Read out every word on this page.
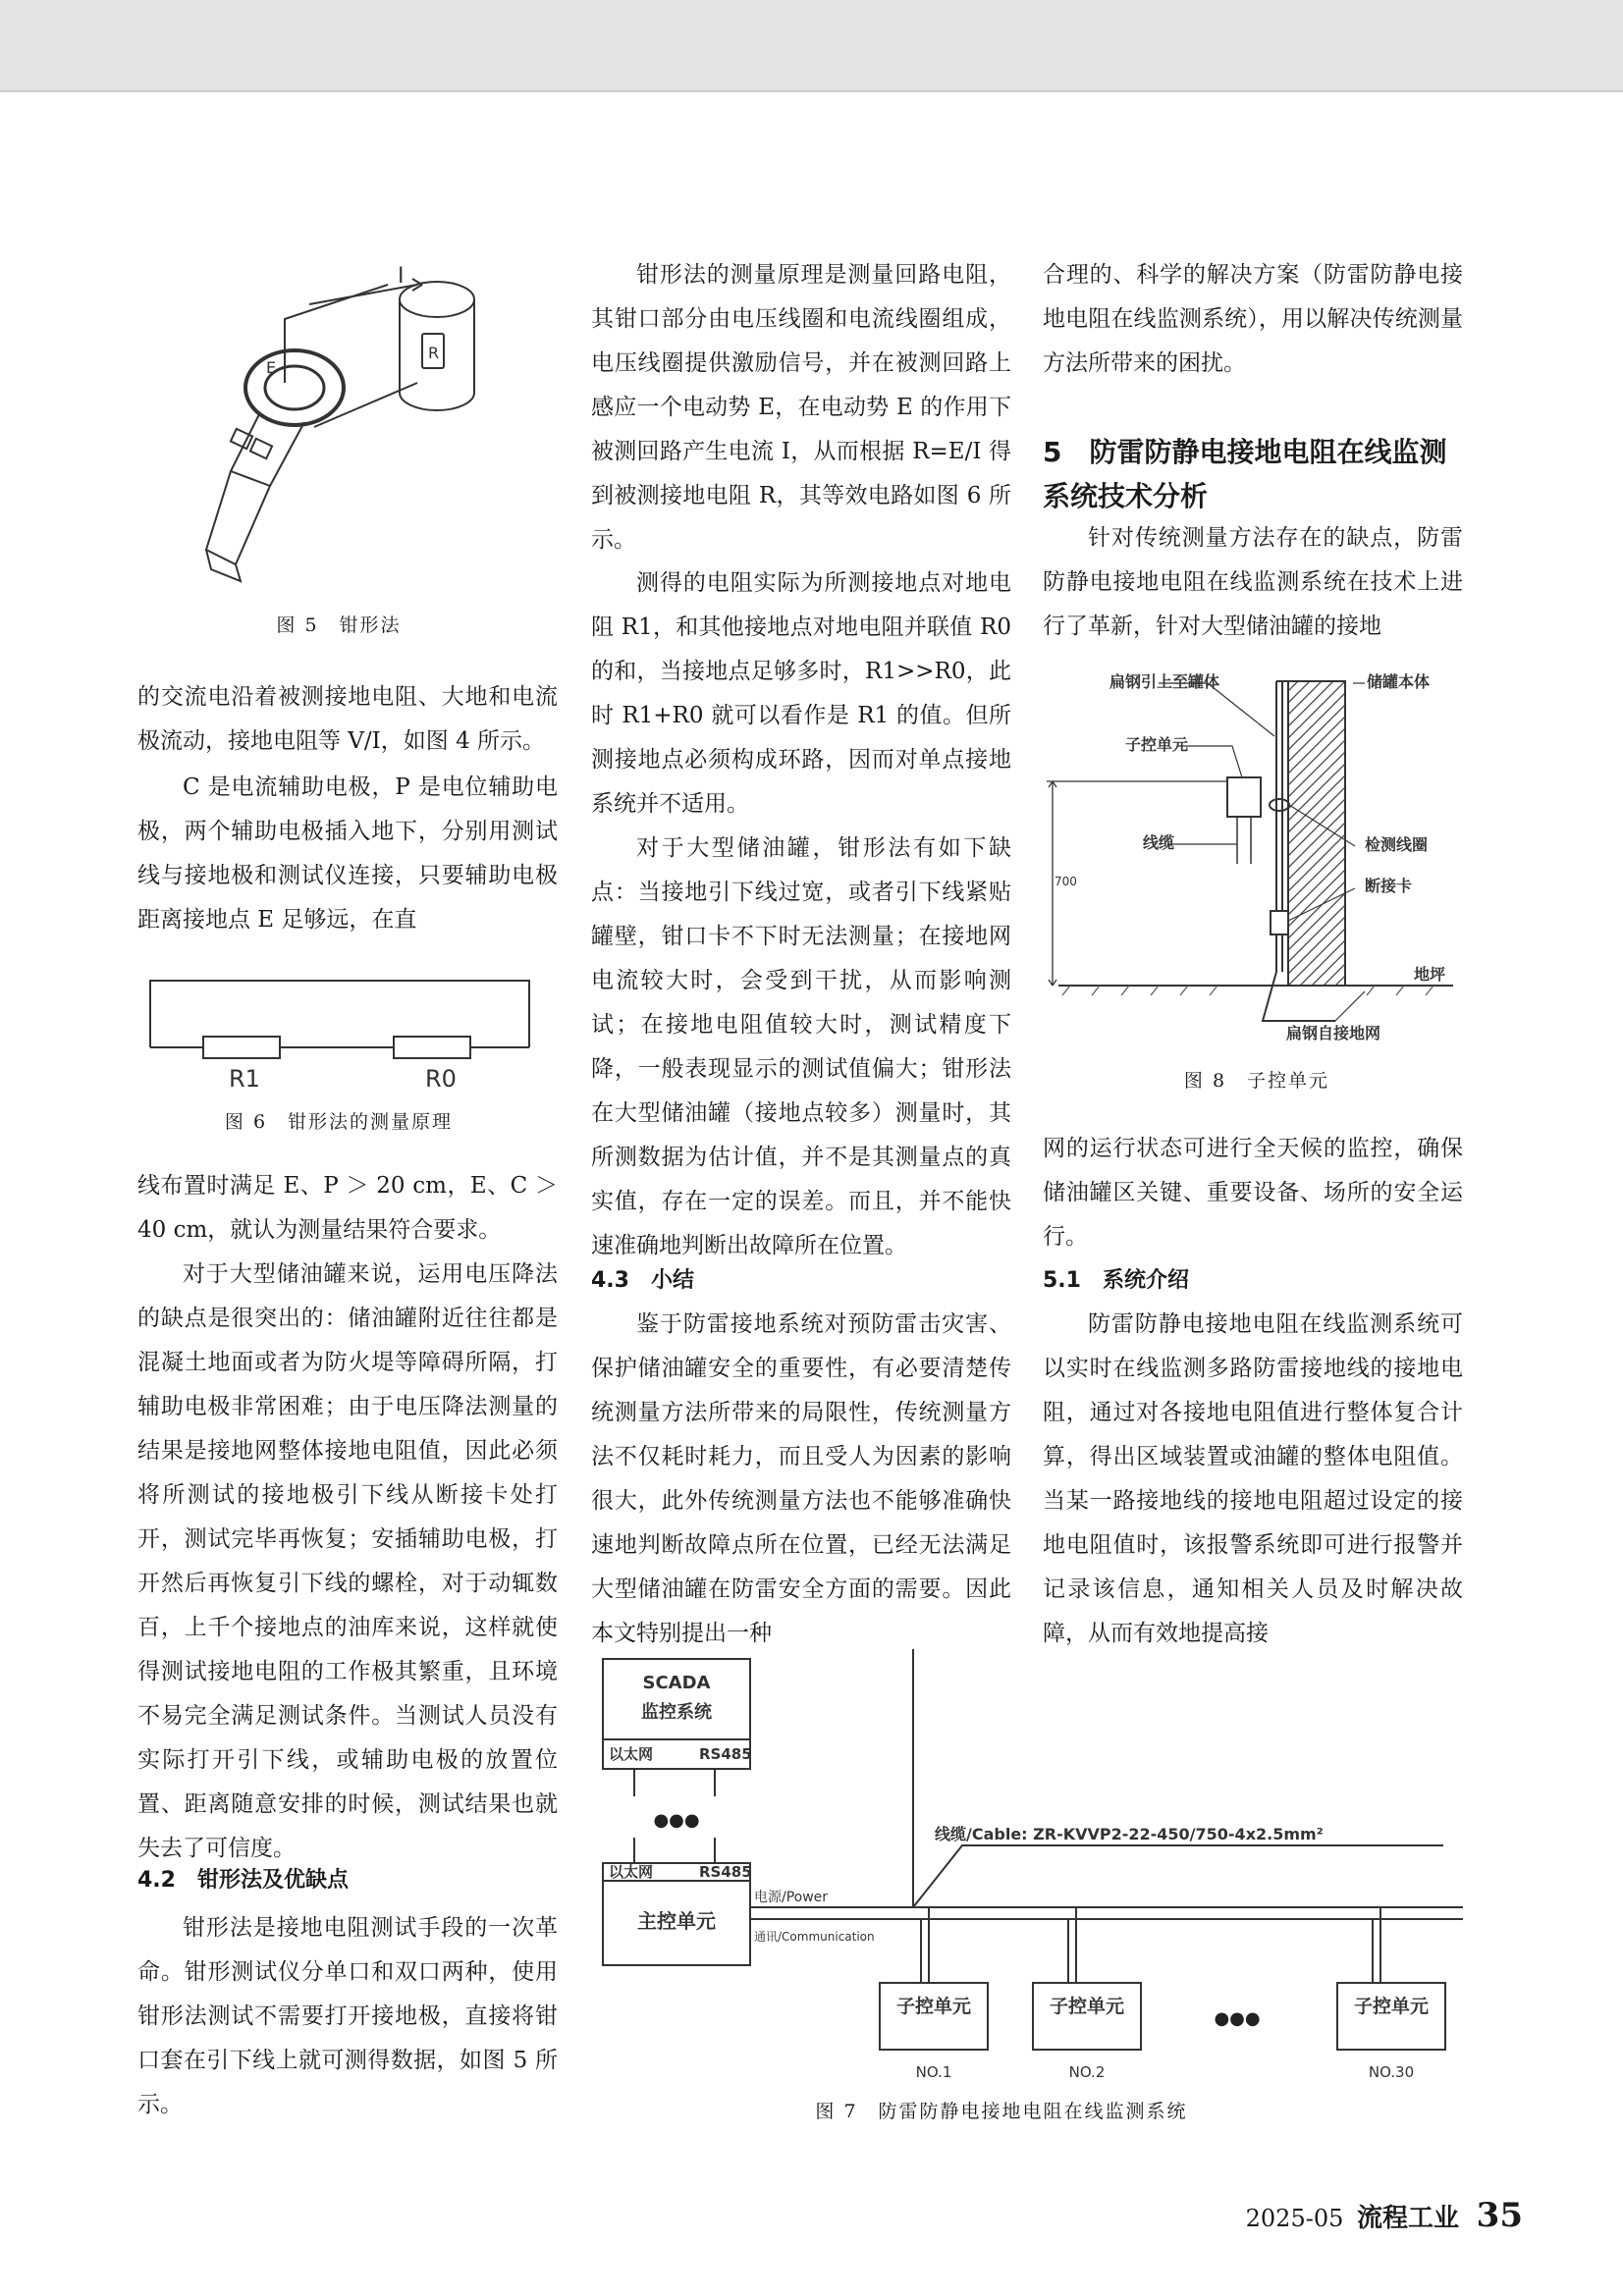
I
E
R

图 5　钳形法

的交流电沿着被测接地电阻、大地和电流极流动，接地电阻等 V/I，如图 4 所示。

C 是电流辅助电极，P 是电位辅助电极，两个辅助电极插入地下，分别用测试线与接地极和测试仪连接，只要辅助电极距离接地点 E 足够远，在直

R1	R0

图 6　钳形法的测量原理

线布置时满足 E、P ＞ 20 cm，E、C ＞ 40 cm，就认为测量结果符合要求。

对于大型储油罐来说，运用电压降法的缺点是很突出的：储油罐附近往往都是混凝土地面或者为防火堤等障碍所隔，打辅助电极非常困难；由于电压降法测量的结果是接地网整体接地电阻值，因此必须将所测试的接地极引下线从断接卡处打开，测试完毕再恢复；安插辅助电极，打开然后再恢复引下线的螺栓，对于动辄数百，上千个接地点的油库来说，这样就使得测试接地电阻的工作极其繁重，且环境不易完全满足测试条件。当测试人员没有实际打开引下线，或辅助电极的放置位置、距离随意安排的时候，测试结果也就失去了可信度。

4.2　钳形法及优缺点

钳形法是接地电阻测试手段的一次革命。钳形测试仪分单口和双口两种，使用钳形法测试不需要打开接地极，直接将钳口套在引下线上就可测得数据，如图 5 所示。

钳形法的测量原理是测量回路电阻，其钳口部分由电压线圈和电流线圈组成，电压线圈提供激励信号，并在被测回路上感应一个电动势 E，在电动势 E 的作用下被测回路产生电流 I，从而根据 R=E/I 得到被测接地电阻 R，其等效电路如图 6 所示。

测得的电阻实际为所测接地点对地电阻 R1，和其他接地点对地电阻并联值 R0 的和，当接地点足够多时，R1>>R0，此时 R1+R0 就可以看作是 R1 的值。但所测接地点必须构成环路，因而对单点接地系统并不适用。

对于大型储油罐，钳形法有如下缺点：当接地引下线过宽，或者引下线紧贴罐壁，钳口卡不下时无法测量；在接地网电流较大时，会受到干扰，从而影响测试；在接地电阻值较大时，测试精度下降，一般表现显示的测试值偏大；钳形法在大型储油罐（接地点较多）测量时，其所测数据为估计值，并不是其测量点的真实值，存在一定的误差。而且，并不能快速准确地判断出故障所在位置。

4.3　小结

鉴于防雷接地系统对预防雷击灾害、保护储油罐安全的重要性，有必要清楚传统测量方法所带来的局限性，传统测量方法不仅耗时耗力，而且受人为因素的影响很大，此外传统测量方法也不能够准确快速地判断故障点所在位置，已经无法满足大型储油罐在防雷安全方面的需要。因此本文特别提出一种

合理的、科学的解决方案（防雷防静电接地电阻在线监测系统），用以解决传统测量方法所带来的困扰。

5　防雷防静电接地电阻在线监测系统技术分析

针对传统测量方法存在的缺点，防雷防静电接地电阻在线监测系统在技术上进行了革新，针对大型储油罐的接地

扁钢引上至罐体	储罐本体
子控单元
线缆	检测线圈
断接卡
700
地坪
扁钢自接地网

图 8　子控单元

网的运行状态可进行全天候的监控，确保储油罐区关键、重要设备、场所的安全运行。

5.1　系统介绍

防雷防静电接地电阻在线监测系统可以实时在线监测多路防雷接地线的接地电阻，通过对各接地电阻值进行整体复合计算，得出区域装置或油罐的整体电阻值。当某一路接地线的接地电阻超过设定的接地电阻值时，该报警系统即可进行报警并记录该信息，通知相关人员及时解决故障，从而有效地提高接

SCADA
监控系统
以太网	RS485
●●●
以太网	RS485
主控单元
线缆/Cable: ZR-KVVP2-22-450/750-4x2.5mm²
电源/Power
通讯/Communication
子控单元	子控单元
●●●
子控单元
NO.1	NO.2	NO.30

图 7　防雷防静电接地电阻在线监测系统

2025-05 流程工业 35
